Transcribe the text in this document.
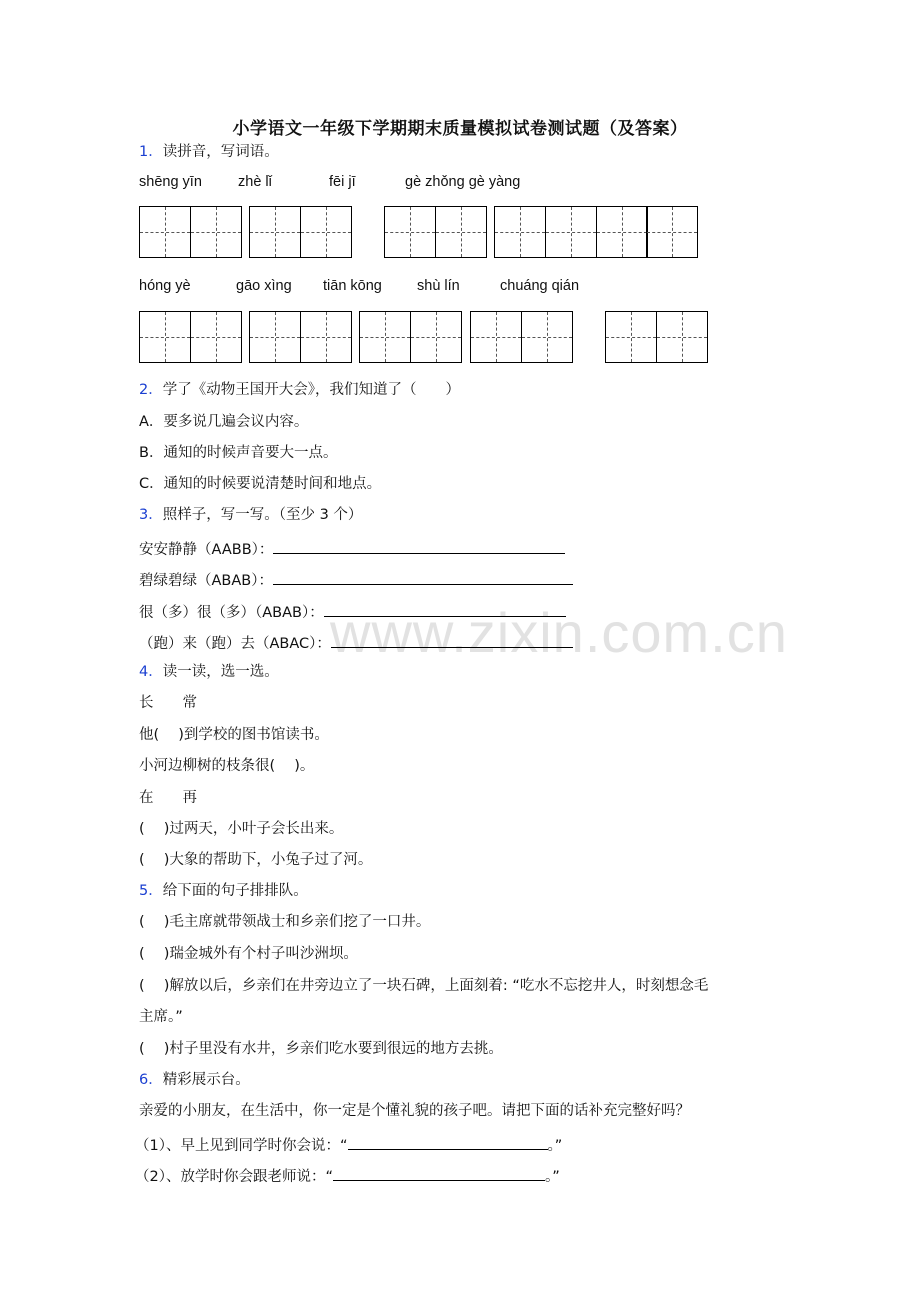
www.zixin.com.cn
小学语文一年级下学期期末质量模拟试卷测试题（及答案）
1．读拼音，写词语。
shēng yīn zhè lǐ	fēi jī	gè zhǒng gè yàng
hóng yè	gāo xìng tiān kōng shù lín	chuáng qián
2．学了《动物王国开大会》，我们知道了（　　）
A．要多说几遍会议内容。
B．通知的时候声音要大一点。
C．通知的时候要说清楚时间和地点。
3．照样子，写一写。（至少 3 个）
安安静静（AABB）：
碧绿碧绿（ABAB）：
很（多）很（多）（ABAB）：
（跑）来（跑）去（ABAC）：
4．读一读，选一选。
长　　常
他(　 )到学校的图书馆读书。
小河边柳树的枝条很(　 )。
在　　再
(　 )过两天，小叶子会长出来。
(　 )大象的帮助下，小兔子过了河。
5．给下面的句子排排队。
(　 )毛主席就带领战士和乡亲们挖了一口井。
(　 )瑞金城外有个村子叫沙洲坝。
(　 )解放以后，乡亲们在井旁边立了一块石碑，上面刻着: “吃水不忘挖井人，时刻想念毛
主席。”
(　 )村子里没有水井，乡亲们吃水要到很远的地方去挑。
6．精彩展示台。
亲爱的小朋友，在生活中，你一定是个懂礼貌的孩子吧。请把下面的话补充完整好吗？
（1）、早上见到同学时你会说：“	。”
（2）、放学时你会跟老师说：“	。”
